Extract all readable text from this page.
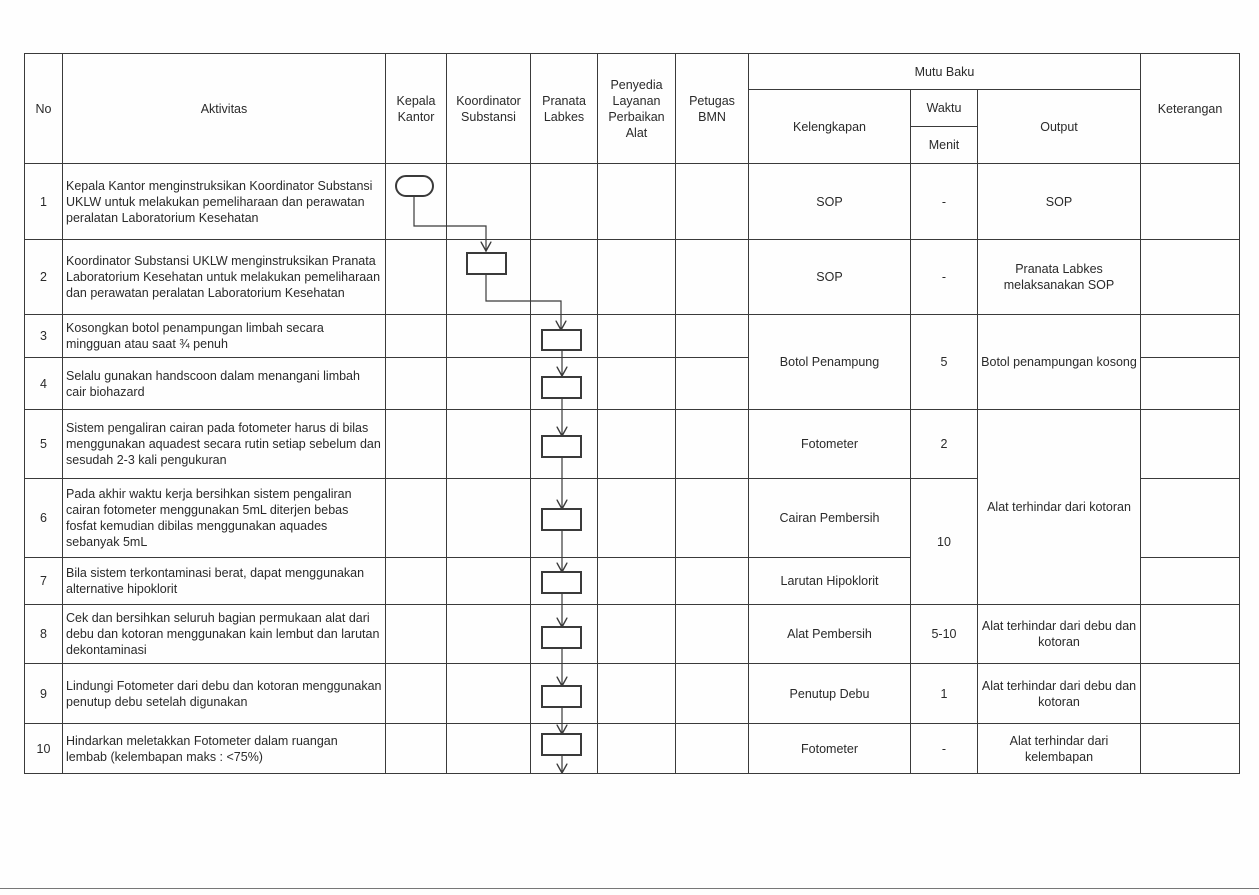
No	Aktivitas	Kepala Kantor	Koordinator Substansi	Pranata Labkes	Penyedia Layanan Perbaikan Alat	Petugas BMN	Mutu Baku			Keterangan
							Kelengkapan	Waktu	Output	
								Menit		
1	Kepala Kantor menginstruksikan Koordinator Substansi UKLW untuk melakukan pemeliharaan dan perawatan peralatan Laboratorium Kesehatan						SOP	-	SOP	
2	Koordinator Substansi UKLW menginstruksikan Pranata Laboratorium Kesehatan untuk melakukan pemeliharaan dan perawatan peralatan Laboratorium Kesehatan						SOP	-	Pranata Labkes melaksanakan SOP	
3	Kosongkan botol penampungan limbah secara mingguan atau saat ¾ penuh						Botol Penampung	5	Botol penampungan kosong	
4	Selalu gunakan handscoon dalam menangani limbah cair biohazard									
5	Sistem pengaliran cairan pada fotometer harus di bilas menggunakan aquadest secara rutin setiap sebelum dan sesudah 2-3 kali pengukuran						Fotometer	2	Alat terhindar dari kotoran	
6	Pada akhir waktu kerja bersihkan sistem pengaliran cairan fotometer menggunakan 5mL diterjen bebas fosfat kemudian dibilas menggunakan aquades sebanyak 5mL						Cairan Pembersih	10		
7	Bila sistem terkontaminasi berat, dapat menggunakan alternative hipoklorit						Larutan Hipoklorit			
8	Cek dan bersihkan seluruh bagian permukaan alat dari debu dan kotoran menggunakan kain lembut dan larutan dekontaminasi						Alat Pembersih	5-10	Alat terhindar dari debu dan kotoran	
9	Lindungi Fotometer dari debu dan kotoran menggunakan penutup debu setelah digunakan						Penutup Debu	1	Alat terhindar dari debu dan kotoran	
10	Hindarkan meletakkan Fotometer dalam ruangan lembab (kelembapan maks : <75%)						Fotometer	-	Alat terhindar dari kelembapan	
